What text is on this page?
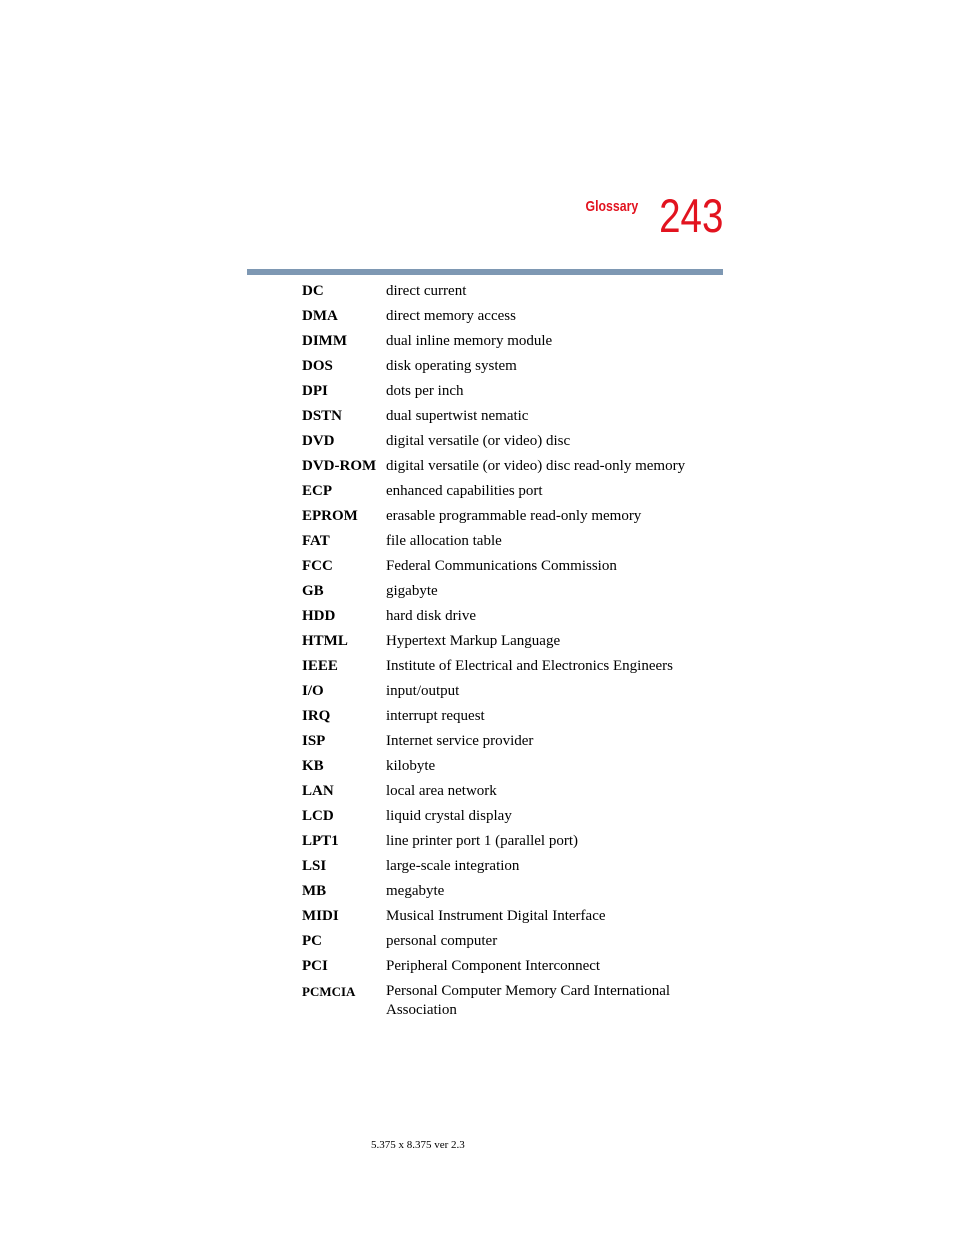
Glossary 243
DC	direct current
DMA	direct memory access
DIMM	dual inline memory module
DOS	disk operating system
DPI	dots per inch
DSTN	dual supertwist nematic
DVD	digital versatile (or video) disc
DVD-ROM digital versatile (or video) disc read-only memory
ECP	enhanced capabilities port
EPROM	erasable programmable read-only memory
FAT	file allocation table
FCC	Federal Communications Commission
GB	gigabyte
HDD	hard disk drive
HTML	Hypertext Markup Language
IEEE	Institute of Electrical and Electronics Engineers
I/O	input/output
IRQ	interrupt request
ISP	Internet service provider
KB	kilobyte
LAN	local area network
LCD	liquid crystal display
LPT1	line printer port 1 (parallel port)
LSI	large-scale integration
MB	megabyte
MIDI	Musical Instrument Digital Interface
PC	personal computer
PCI	Peripheral Component Interconnect
PCMCIA	Personal Computer Memory Card International Association
5.375 x 8.375 ver 2.3
